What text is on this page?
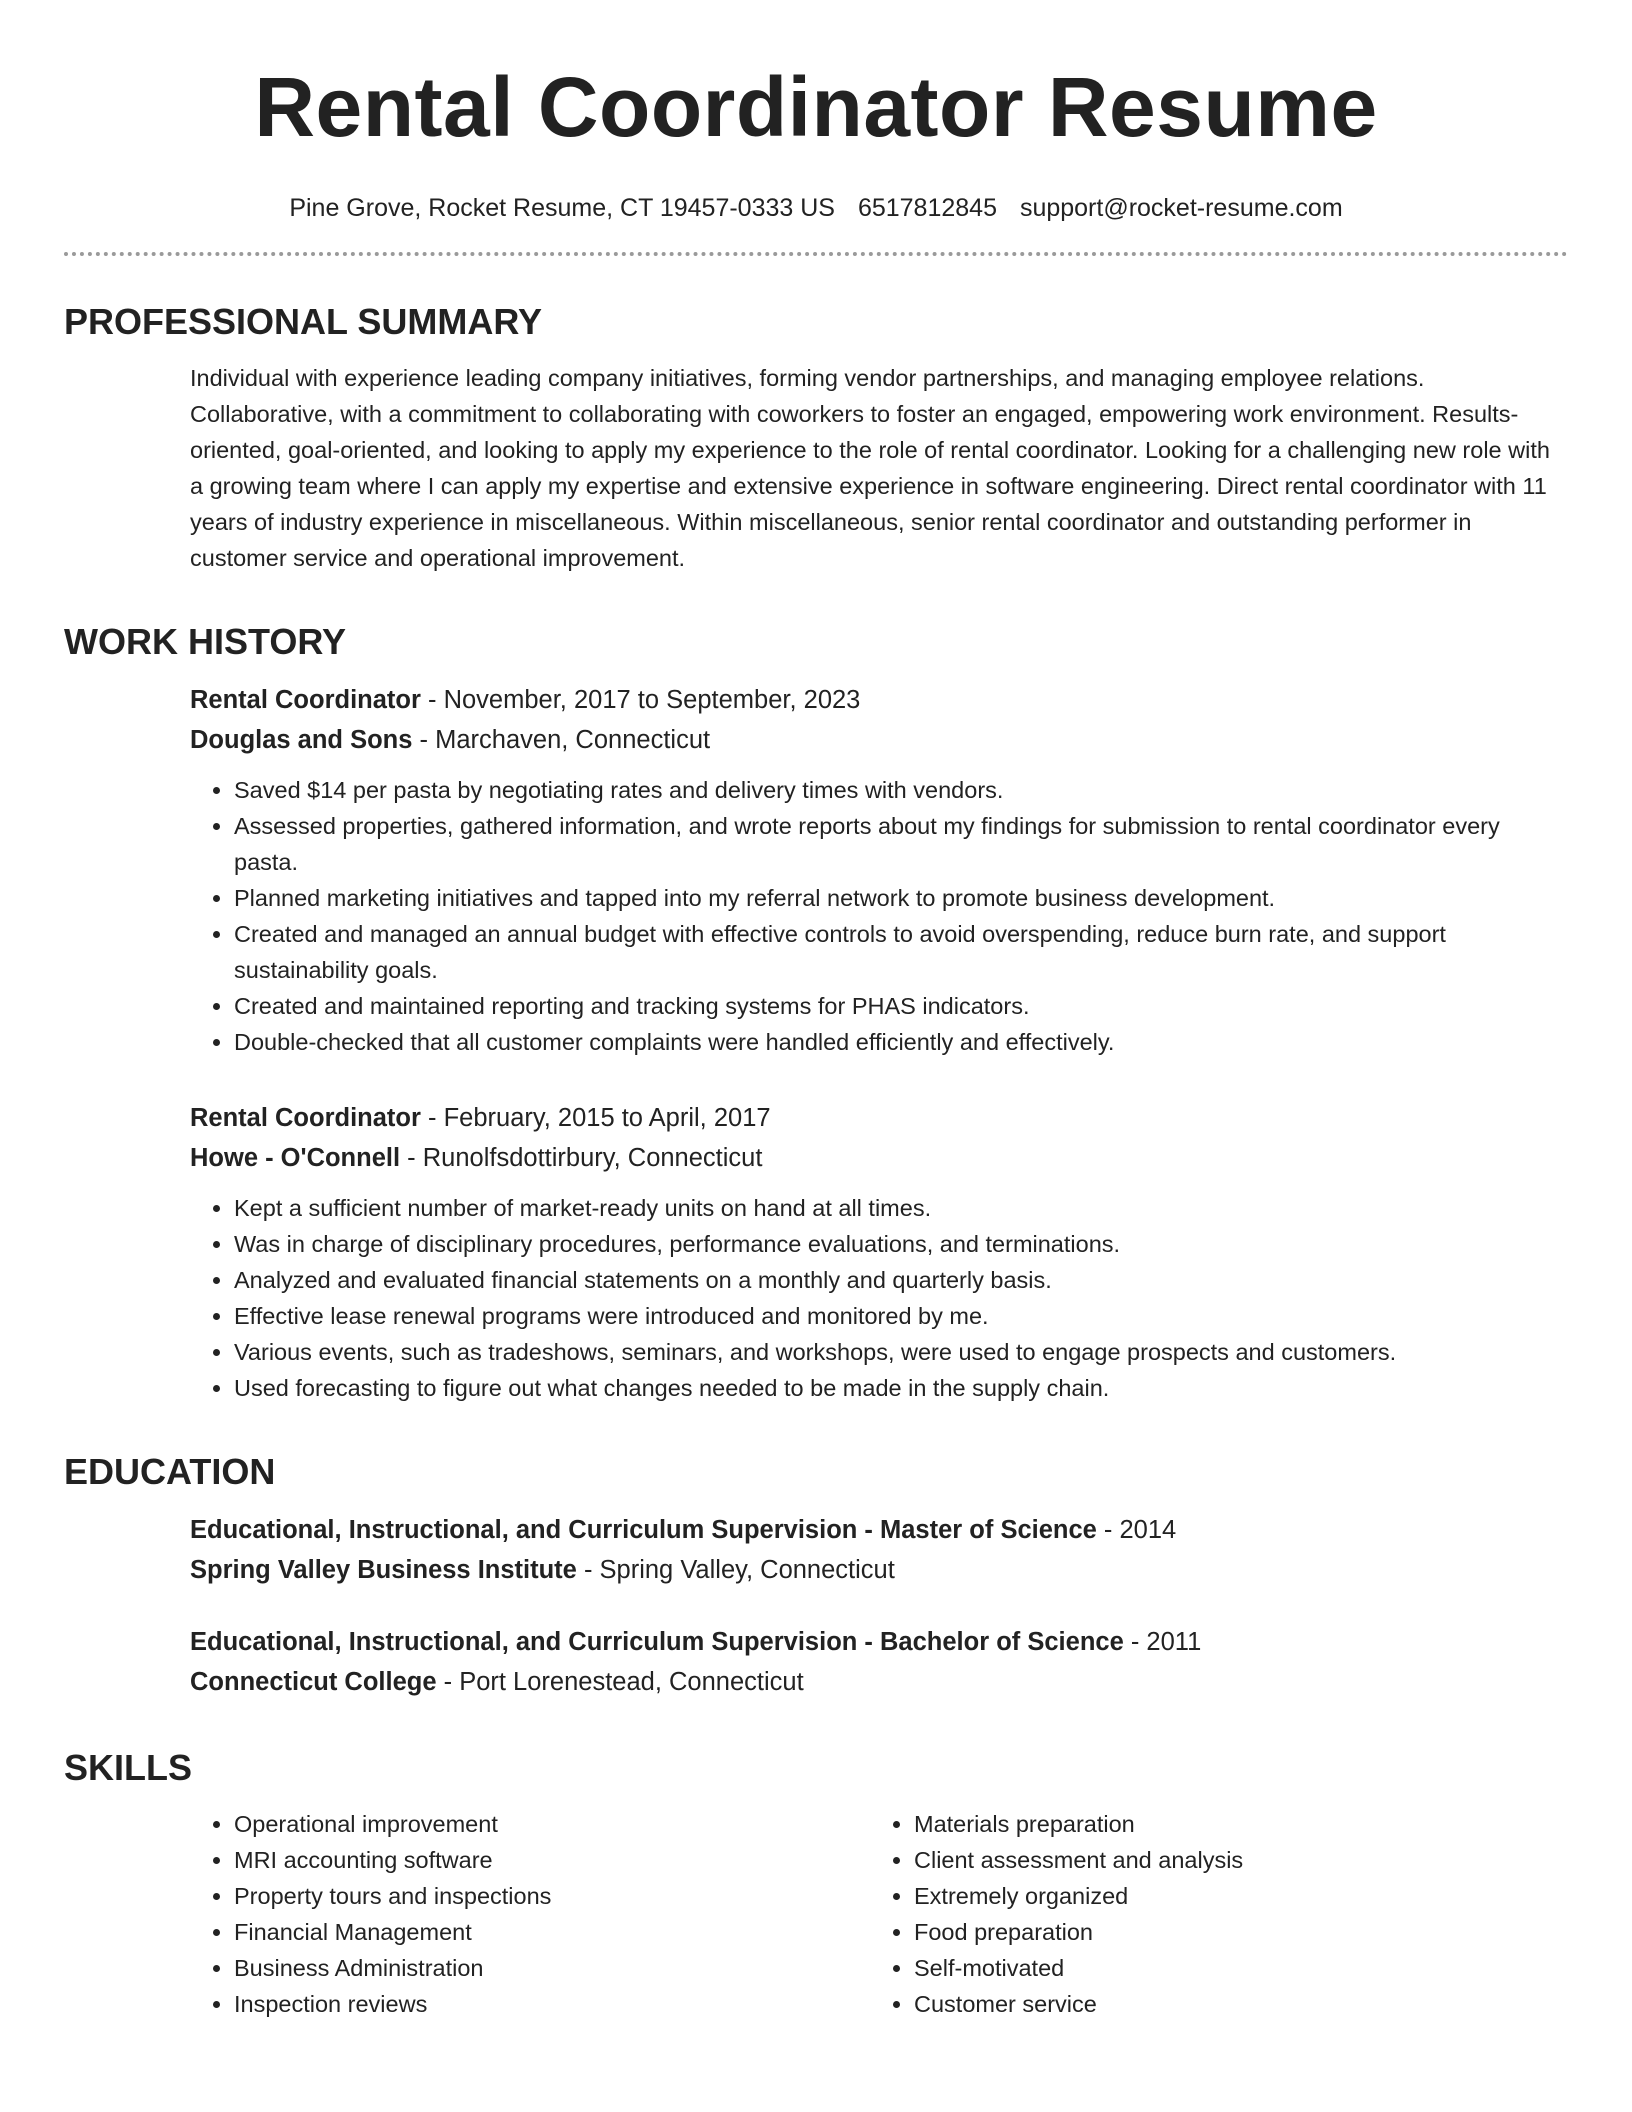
Rental Coordinator Resume
Pine Grove, Rocket Resume, CT 19457-0333 US 6517812845 support@rocket-resume.com
PROFESSIONAL SUMMARY

Individual with experience leading company initiatives, forming vendor partnerships, and managing employee relations. Collaborative, with a commitment to collaborating with coworkers to foster an engaged, empowering work environment. Results-oriented, goal-oriented, and looking to apply my experience to the role of rental coordinator. Looking for a challenging new role with a growing team where I can apply my expertise and extensive experience in software engineering. Direct rental coordinator with 11 years of industry experience in miscellaneous. Within miscellaneous, senior rental coordinator and outstanding performer in customer service and operational improvement.

WORK HISTORY
Rental Coordinator - November, 2017 to September, 2023
Douglas and Sons - Marchaven, Connecticut
• Saved $14 per pasta by negotiating rates and delivery times with vendors.
• Assessed properties, gathered information, and wrote reports about my findings for submission to rental coordinator every pasta.
• Planned marketing initiatives and tapped into my referral network to promote business development.
• Created and managed an annual budget with effective controls to avoid overspending, reduce burn rate, and support sustainability goals.
• Created and maintained reporting and tracking systems for PHAS indicators.
• Double-checked that all customer complaints were handled efficiently and effectively.
Rental Coordinator - February, 2015 to April, 2017
Howe - O'Connell - Runolfsdottirbury, Connecticut
• Kept a sufficient number of market-ready units on hand at all times.
• Was in charge of disciplinary procedures, performance evaluations, and terminations.
• Analyzed and evaluated financial statements on a monthly and quarterly basis.
• Effective lease renewal programs were introduced and monitored by me.
• Various events, such as tradeshows, seminars, and workshops, were used to engage prospects and customers.
• Used forecasting to figure out what changes needed to be made in the supply chain.
EDUCATION
Educational, Instructional, and Curriculum Supervision - Master of Science - 2014
Spring Valley Business Institute - Spring Valley, Connecticut
Educational, Instructional, and Curriculum Supervision - Bachelor of Science - 2011
Connecticut College - Port Lorenestead, Connecticut
SKILLS
• Operational improvement
• MRI accounting software
• Property tours and inspections
• Financial Management
• Business Administration
• Inspection reviews
• Materials preparation
• Client assessment and analysis
• Extremely organized
• Food preparation
• Self-motivated
• Customer service
